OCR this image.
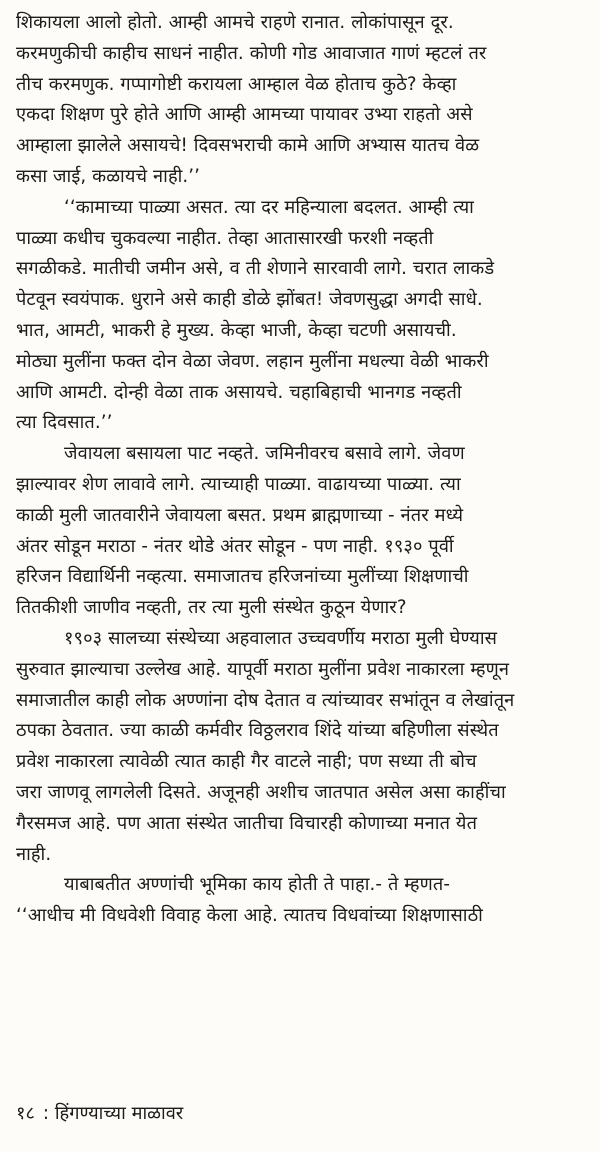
शिकायला आलो होतो. आम्ही आमचे राहणे रानात. लोकांपासून दूर.
करमणुकीची काहीच साधनं नाहीत. कोणी गोड आवाजात गाणं म्हटलं तर
तीच करमणुक. गप्पागोष्टी करायला आम्हाल वेळ होताच कुठे? केव्हा
एकदा शिक्षण पुरे होते आणि आम्ही आमच्या पायावर उभ्या राहतो असे
आम्हाला झालेले असायचे! दिवसभराची कामे आणि अभ्यास यातच वेळ
कसा जाई, कळायचे नाही.’’
‘‘कामाच्या पाळ्या असत. त्या दर महिन्याला बदलत. आम्ही त्या
पाळ्या कधीच चुकवल्या नाहीत. तेव्हा आतासारखी फरशी नव्हती
सगळीकडे. मातीची जमीन असे, व ती शेणाने सारवावी लागे. चरात लाकडे
पेटवून स्वयंपाक. धुराने असे काही डोळे झोंबत! जेवणसुद्धा अगदी साधे.
भात, आमटी, भाकरी हे मुख्य. केव्हा भाजी, केव्हा चटणी असायची.
मोठ्या मुलींना फक्त दोन वेळा जेवण. लहान मुलींना मधल्या वेळी भाकरी
आणि आमटी. दोन्ही वेळा ताक असायचे. चहाबिहाची भानगड नव्हती
त्या दिवसात.’’
जेवायला बसायला पाट नव्हते. जमिनीवरच बसावे लागे. जेवण
झाल्यावर शेण लावावे लागे. त्याच्याही पाळ्या. वाढायच्या पाळ्या. त्या
काळी मुली जातवारीने जेवायला बसत. प्रथम ब्राह्मणाच्या - नंतर मध्ये
अंतर सोडून मराठा - नंतर थोडे अंतर सोडून - पण नाही. १९३० पूर्वी
हरिजन विद्यार्थिनी नव्हत्या. समाजातच हरिजनांच्या मुलींच्या शिक्षणाची
तितकीशी जाणीव नव्हती, तर त्या मुली संस्थेत कुठून येणार?
१९०३ सालच्या संस्थेच्या अहवालात उच्चवर्णीय मराठा मुली घेण्यास
सुरुवात झाल्याचा उल्लेख आहे. यापूर्वी मराठा मुलींना प्रवेश नाकारला म्हणून
समाजातील काही लोक अण्णांना दोष देतात व त्यांच्यावर सभांतून व लेखांतून
ठपका ठेवतात. ज्या काळी कर्मवीर विठ्ठलराव शिंदे यांच्या बहिणीला संस्थेत
प्रवेश नाकारला त्यावेळी त्यात काही गैर वाटले नाही; पण सध्या ती बोच
जरा जाणवू लागलेली दिसते. अजूनही अशीच जातपात असेल असा काहींचा
गैरसमज आहे. पण आता संस्थेत जातीचा विचारही कोणाच्या मनात येत
नाही.
याबाबतीत अण्णांची भूमिका काय होती ते पाहा.- ते म्हणत-
‘‘आधीच मी विधवेशी विवाह केला आहे. त्यातच विधवांच्या शिक्षणासाठी
१८ : हिंगण्याच्या माळावर
